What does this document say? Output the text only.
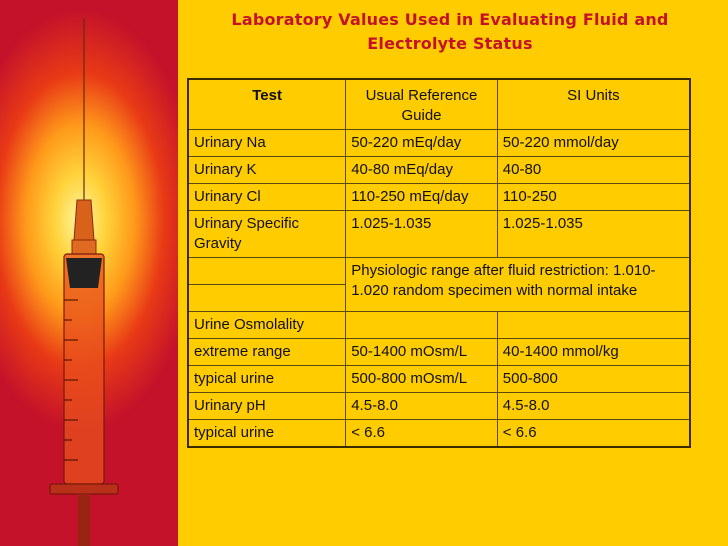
Laboratory Values Used in Evaluating Fluid and Electrolyte Status
Test	Usual Reference Guide	SI Units
Urinary Na	50-220 mEq/day	50-220 mmol/day
Urinary K	40-80 mEq/day	40-80
Urinary Cl	110-250 mEq/day	110-250
Urinary Specific Gravity	1.025-1.035	1.025-1.035
	Physiologic range after fluid restriction: 1.010-1.020 random specimen with normal intake	

Urine Osmolality		
extreme range	50-1400 mOsm/L	40-1400 mmol/kg
typical urine	500-800 mOsm/L	500-800
Urinary pH	4.5-8.0	4.5-8.0
typical urine	< 6.6	< 6.6
